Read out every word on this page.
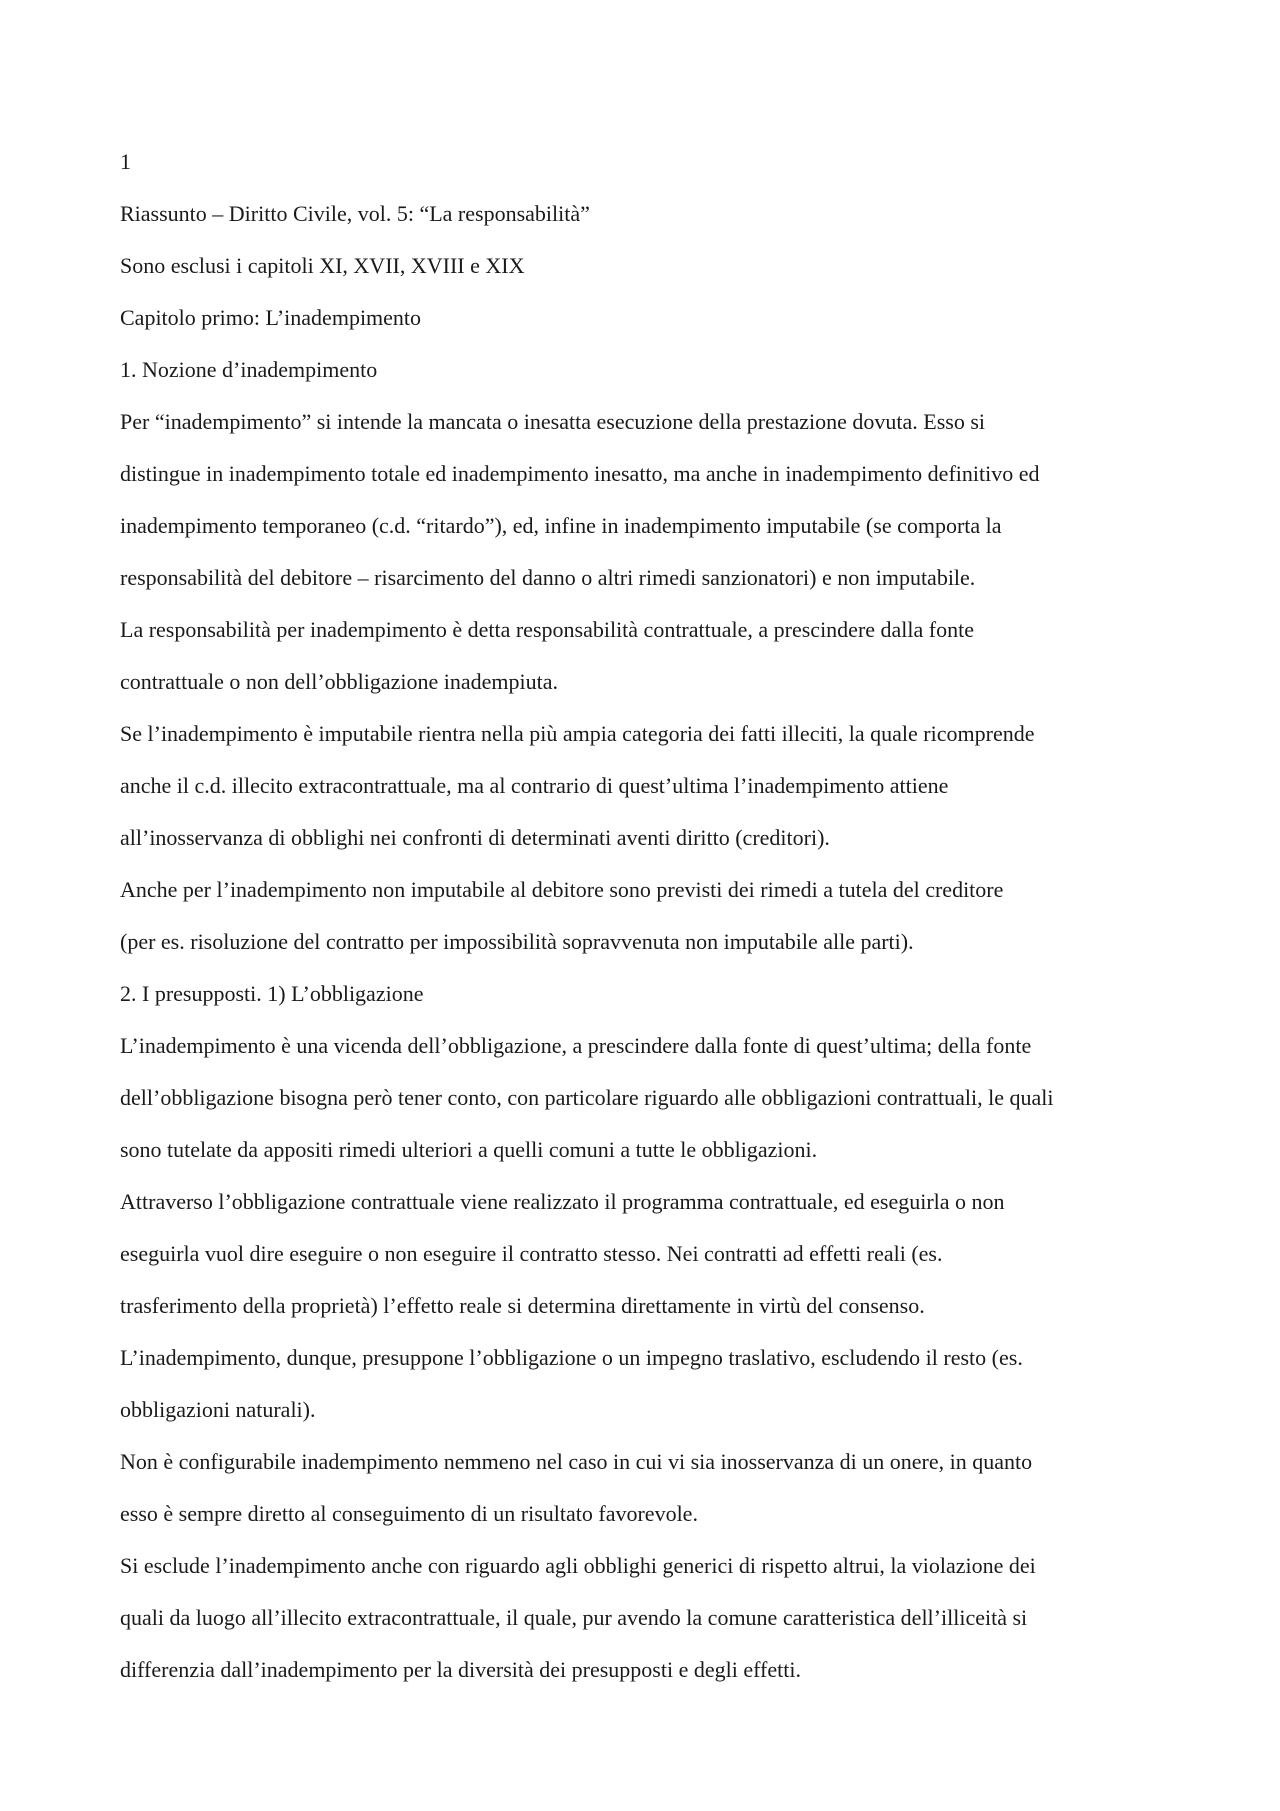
1
Riassunto – Diritto Civile, vol. 5: “La responsabilità”
Sono esclusi i capitoli XI, XVII, XVIII e XIX
Capitolo primo: L’inadempimento
1. Nozione d’inadempimento
Per “inadempimento” si intende la mancata o inesatta esecuzione della prestazione dovuta. Esso si
distingue in inadempimento totale ed inadempimento inesatto, ma anche in inadempimento definitivo ed
inadempimento temporaneo (c.d. “ritardo”), ed, infine in inadempimento imputabile (se comporta la
responsabilità del debitore – risarcimento del danno o altri rimedi sanzionatori) e non imputabile.
La responsabilità per inadempimento è detta responsabilità contrattuale, a prescindere dalla fonte
contrattuale o non dell’obbligazione inadempiuta.
Se l’inadempimento è imputabile rientra nella più ampia categoria dei fatti illeciti, la quale ricomprende
anche il c.d. illecito extracontrattuale, ma al contrario di quest’ultima l’inadempimento attiene
all’inosservanza di obblighi nei confronti di determinati aventi diritto (creditori).
Anche per l’inadempimento non imputabile al debitore sono previsti dei rimedi a tutela del creditore
(per es. risoluzione del contratto per impossibilità sopravvenuta non imputabile alle parti).
2. I presupposti. 1) L’obbligazione
L’inadempimento è una vicenda dell’obbligazione, a prescindere dalla fonte di quest’ultima; della fonte
dell’obbligazione bisogna però tener conto, con particolare riguardo alle obbligazioni contrattuali, le quali
sono tutelate da appositi rimedi ulteriori a quelli comuni a tutte le obbligazioni.
Attraverso l’obbligazione contrattuale viene realizzato il programma contrattuale, ed eseguirla o non
eseguirla vuol dire eseguire o non eseguire il contratto stesso. Nei contratti ad effetti reali (es.
trasferimento della proprietà) l’effetto reale si determina direttamente in virtù del consenso.
L’inadempimento, dunque, presuppone l’obbligazione o un impegno traslativo, escludendo il resto (es.
obbligazioni naturali).
Non è configurabile inadempimento nemmeno nel caso in cui vi sia inosservanza di un onere, in quanto
esso è sempre diretto al conseguimento di un risultato favorevole.
Si esclude l’inadempimento anche con riguardo agli obblighi generici di rispetto altrui, la violazione dei
quali da luogo all’illecito extracontrattuale, il quale, pur avendo la comune caratteristica dell’illiceità si
differenzia dall’inadempimento per la diversità dei presupposti e degli effetti.
